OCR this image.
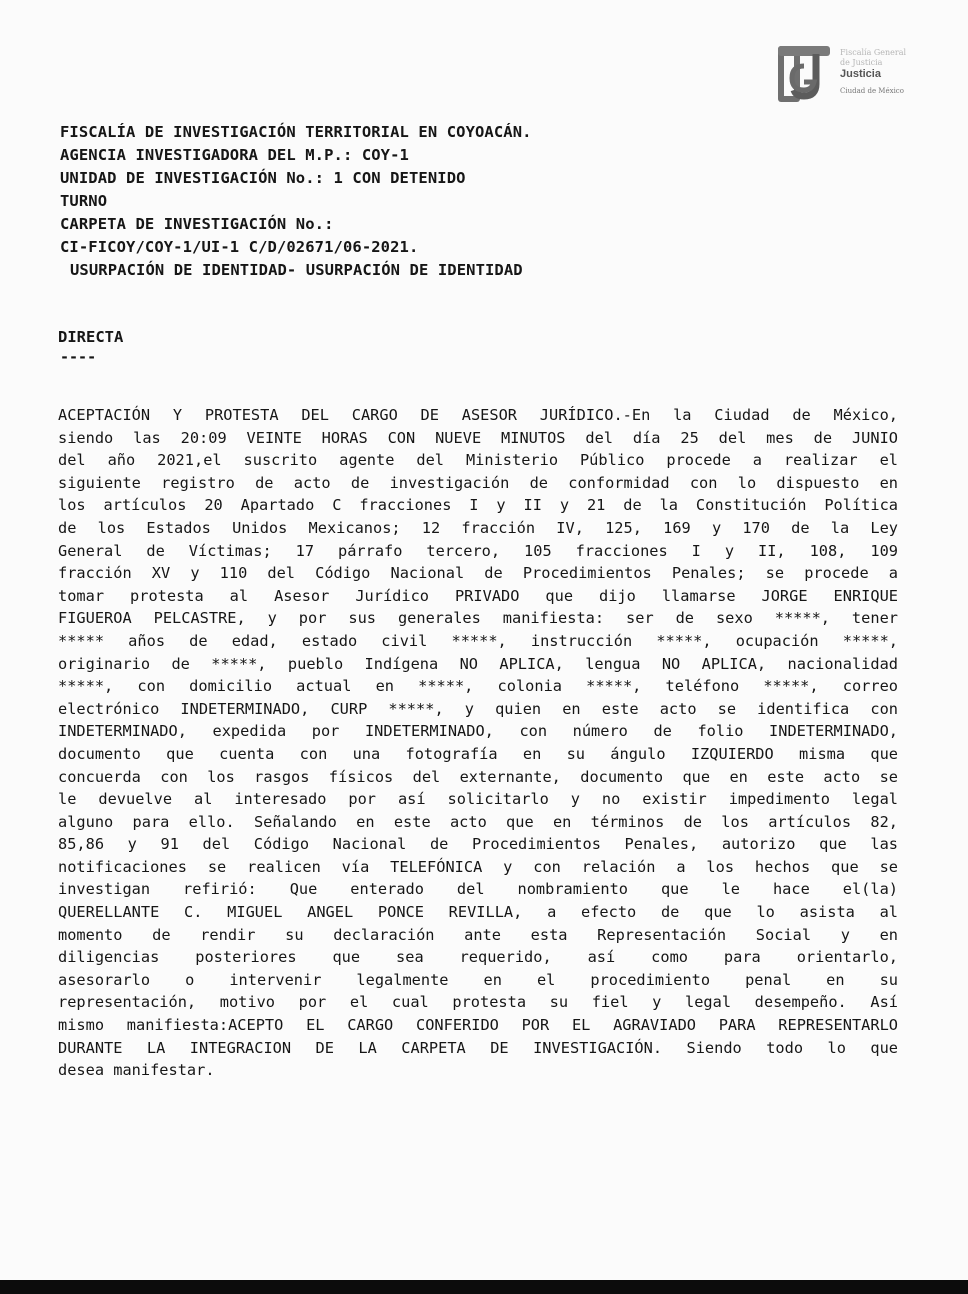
Fiscalía General
de Justicia
Justicia
Ciudad de México
FISCALÍA DE INVESTIGACIÓN TERRITORIAL EN COYOACÁN.
AGENCIA INVESTIGADORA DEL M.P.: COY-1
UNIDAD DE INVESTIGACIÓN No.: 1 CON DETENIDO
TURNO
CARPETA DE INVESTIGACIÓN No.:
CI-FICOY/COY-1/UI-1 C/D/02671/06-2021.
USURPACIÓN DE IDENTIDAD- USURPACIÓN DE IDENTIDAD
DIRECTA
----
ACEPTACIÓN Y PROTESTA DEL CARGO DE ASESOR JURÍDICO.-En la Ciudad de México,
siendo las 20:09 VEINTE HORAS CON NUEVE MINUTOS del día 25 del mes de JUNIO
del año 2021,el suscrito agente del Ministerio Público procede a realizar el
siguiente registro de acto de investigación de conformidad con lo dispuesto en
los artículos 20 Apartado C fracciones I y II y 21 de la Constitución Política
de los Estados Unidos Mexicanos; 12 fracción IV, 125, 169 y 170 de la Ley
General de Víctimas; 17 párrafo tercero, 105 fracciones I y II, 108, 109
fracción XV y 110 del Código Nacional de Procedimientos Penales; se procede a
tomar protesta al Asesor Jurídico PRIVADO que dijo llamarse JORGE ENRIQUE
FIGUEROA PELCASTRE, y por sus generales manifiesta: ser de sexo *****, tener
***** años de edad, estado civil *****, instrucción *****, ocupación *****,
originario de *****, pueblo Indígena NO APLICA, lengua NO APLICA, nacionalidad
*****, con domicilio actual en *****, colonia *****, teléfono *****, correo
electrónico INDETERMINADO, CURP *****, y quien en este acto se identifica con
INDETERMINADO, expedida por INDETERMINADO, con número de folio INDETERMINADO,
documento que cuenta con una fotografía en su ángulo IZQUIERDO misma que
concuerda con los rasgos físicos del externante, documento que en este acto se
le devuelve al interesado por así solicitarlo y no existir impedimento legal
alguno para ello. Señalando en este acto que en términos de los artículos 82,
85,86 y 91 del Código Nacional de Procedimientos Penales, autorizo que las
notificaciones se realicen vía TELEFÓNICA y con relación a los hechos que se
investigan refirió: Que enterado del nombramiento que le hace el(la)
QUERELLANTE C. MIGUEL ANGEL PONCE REVILLA, a efecto de que lo asista al
momento de rendir su declaración ante esta Representación Social y en
diligencias posteriores que sea requerido, así como para orientarlo,
asesorarlo o intervenir legalmente en el procedimiento penal en su
representación, motivo por el cual protesta su fiel y legal desempeño. Así
mismo manifiesta:ACEPTO EL CARGO CONFERIDO POR EL AGRAVIADO PARA REPRESENTARLO
DURANTE LA INTEGRACION DE LA CARPETA DE INVESTIGACIÓN. Siendo todo lo que
desea manifestar.
